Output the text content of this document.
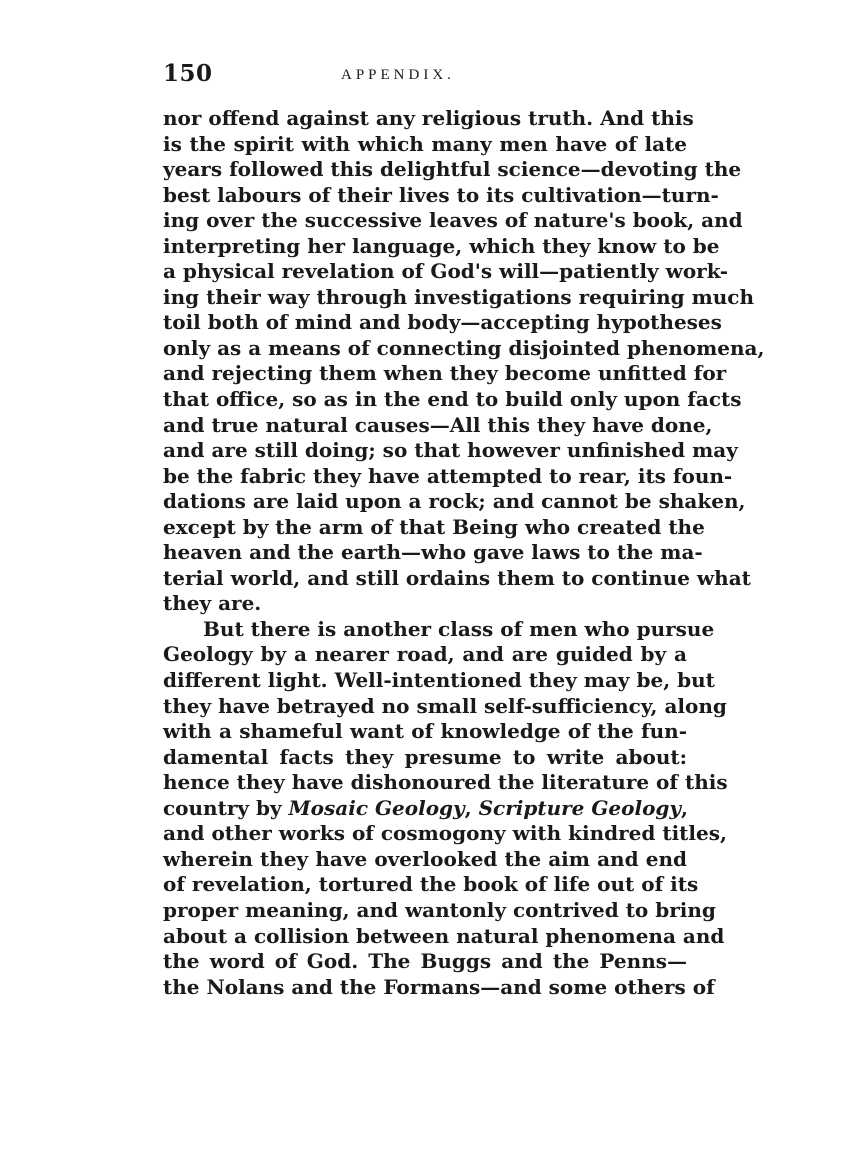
150	APPENDIX.
nor offend against any religious truth. And this
is the spirit with which many men have of late
years followed this delightful science—devoting the
best labours of their lives to its cultivation—turn-
ing over the successive leaves of nature's book, and
interpreting her language, which they know to be
a physical revelation of God's will—patiently work-
ing their way through investigations requiring much
toil both of mind and body—accepting hypotheses
only as a means of connecting disjointed phenomena,
and rejecting them when they become unfitted for
that office, so as in the end to build only upon facts
and true natural causes—All this they have done,
and are still doing; so that however unfinished may
be the fabric they have attempted to rear, its foun-
dations are laid upon a rock; and cannot be shaken,
except by the arm of that Being who created the
heaven and the earth—who gave laws to the ma-
terial world, and still ordains them to continue what
they are.
But there is another class of men who pursue
Geology by a nearer road, and are guided by a
different light. Well-intentioned they may be, but
they have betrayed no small self-sufficiency, along
with a shameful want of knowledge of the fun-
damental facts they presume to write about:
hence they have dishonoured the literature of this
country by Mosaic Geology, Scripture Geology,
and other works of cosmogony with kindred titles,
wherein they have overlooked the aim and end
of revelation, tortured the book of life out of its
proper meaning, and wantonly contrived to bring
about a collision between natural phenomena and
the word of God. The Buggs and the Penns—
the Nolans and the Formans—and some others of
